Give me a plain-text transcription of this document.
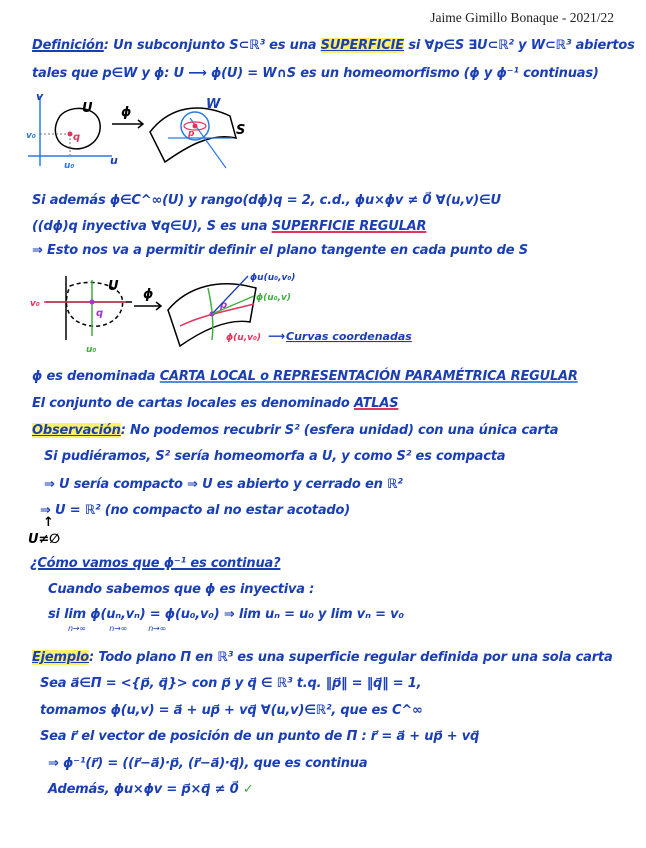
Jaime Gimillo Bonaque - 2021/22
Definición: Un subconjunto S⊂ℝ³ es una SUPERFICIE si ∀p∈S ∃U⊂ℝ² y W⊂ℝ³ abiertos
tales que p∈W y ϕ: U ⟶ ϕ(U) = W∩S es un homeomorfismo (ϕ y ϕ⁻¹ continuas)
v
u
U
q
v₀
u₀
ϕ
p
W
S
Si además ϕ∈C^∞(U) y rango(dϕ)q = 2, c.d., ϕu×ϕv ≠ 0⃗ ∀(u,v)∈U
((dϕ)q inyectiva ∀q∈U), S es una SUPERFICIE REGULAR
⇒ Esto nos va a permitir definir el plano tangente en cada punto de S
q
v₀
u₀
U
ϕ
p
ϕu(u₀,v₀)
ϕ(u₀,v)
ϕ(u,v₀) ⟶ Curvas coordenadas
ϕ es denominada CARTA LOCAL o REPRESENTACIÓN PARAMÉTRICA REGULAR
El conjunto de cartas locales es denominado ATLAS
Observación: No podemos recubrir S² (esfera unidad) con una única carta
Si pudiéramos, S² sería homeomorfa a U, y como S² es compacta
⇒ U sería compacto ⇒ U es abierto y cerrado en ℝ²
⇒ U = ℝ² (no compacto al no estar acotado)
↑
U≠∅
¿Cómo vamos que ϕ⁻¹ es continua?
Cuando sabemos que ϕ es inyectiva :
si lim ϕ(uₙ,vₙ) = ϕ(u₀,v₀) ⇒ lim uₙ = u₀ y lim vₙ = v₀
n→∞          n→∞         n→∞
Ejemplo: Todo plano Π en ℝ³ es una superficie regular definida por una sola carta
Sea a⃗∈Π = <{p⃗, q⃗}> con p⃗ y q⃗ ∈ ℝ³ t.q. ‖p⃗‖ = ‖q⃗‖ = 1,
tomamos ϕ(u,v) = a⃗ + up⃗ + vq⃗ ∀(u,v)∈ℝ², que es C^∞
Sea r⃗ el vector de posición de un punto de Π : r⃗ = a⃗ + up⃗ + vq⃗
⇒ ϕ⁻¹(r⃗) = ((r⃗−a⃗)·p⃗, (r⃗−a⃗)·q⃗), que es continua
Además, ϕu×ϕv = p⃗×q⃗ ≠ 0⃗ ✓
